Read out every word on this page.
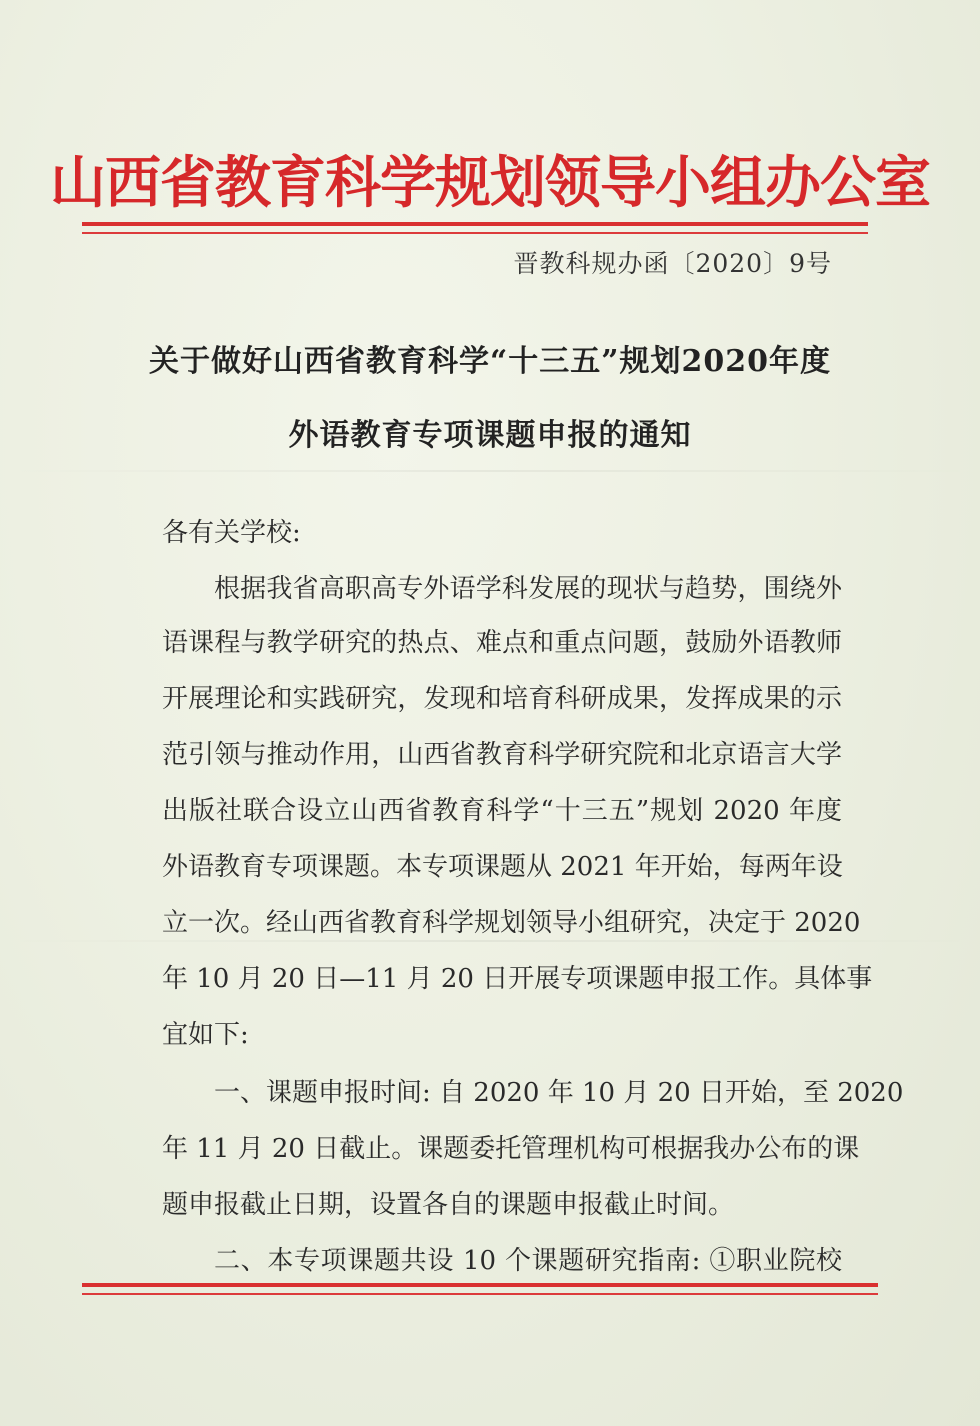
山西省教育科学规划领导小组办公室
晋教科规办函〔2020〕9号
关于做好山西省教育科学“十三五”规划2020年度
外语教育专项课题申报的通知
各有关学校:
根据我省高职高专外语学科发展的现状与趋势，围绕外
语课程与教学研究的热点、难点和重点问题，鼓励外语教师
开展理论和实践研究，发现和培育科研成果，发挥成果的示
范引领与推动作用，山西省教育科学研究院和北京语言大学
出版社联合设立山西省教育科学“十三五”规划 2020 年度
外语教育专项课题。本专项课题从 2021 年开始，每两年设
立一次。经山西省教育科学规划领导小组研究，决定于 2020
年 10 月 20 日—11 月 20 日开展专项课题申报工作。具体事
宜如下:
一、课题申报时间: 自 2020 年 10 月 20 日开始，至 2020
年 11 月 20 日截止。课题委托管理机构可根据我办公布的课
题申报截止日期，设置各自的课题申报截止时间。
二、本专项课题共设 10 个课题研究指南: ①职业院校
